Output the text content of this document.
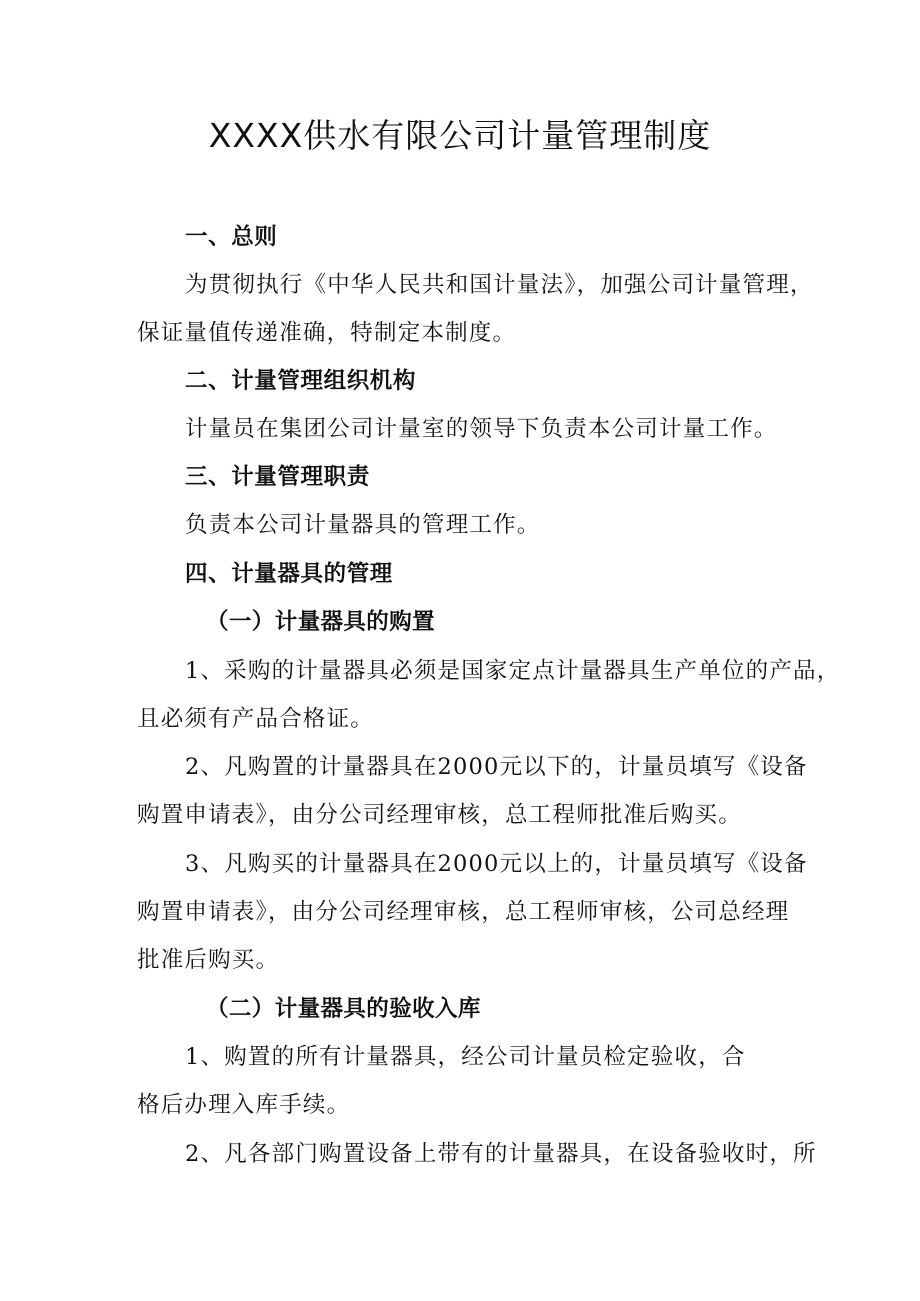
XXXX供水有限公司计量管理制度
一、总则
为贯彻执行《中华人民共和国计量法》，加强公司计量管理，
保证量值传递准确，特制定本制度。
二、计量管理组织机构
计量员在集团公司计量室的领导下负责本公司计量工作。
三、计量管理职责
负责本公司计量器具的管理工作。
四、计量器具的管理
（一）计量器具的购置
1、采购的计量器具必须是国家定点计量器具生产单位的产品，
且必须有产品合格证。
2、凡购置的计量器具在2000元以下的，计量员填写《设备
购置申请表》，由分公司经理审核，总工程师批准后购买。
3、凡购买的计量器具在2000元以上的，计量员填写《设备
购置申请表》，由分公司经理审核，总工程师审核，公司总经理
批准后购买。
（二）计量器具的验收入库
1、购置的所有计量器具，经公司计量员检定验收，合
格后办理入库手续。
2、凡各部门购置设备上带有的计量器具，在设备验收时，所
